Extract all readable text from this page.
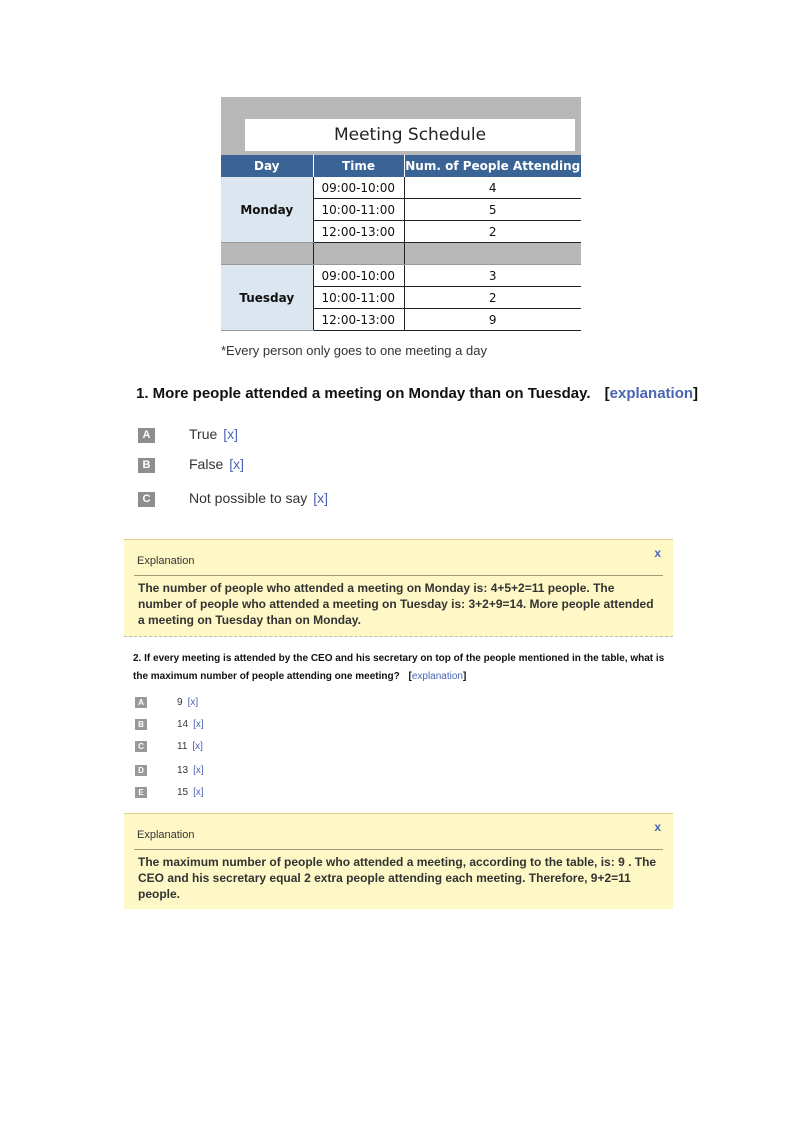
Meeting Schedule
Day	Time	Num. of People Attending
Monday	09:00-10:00	4
	10:00-11:00	5
	12:00-13:00	2

Tuesday	09:00-10:00	3
	10:00-11:00	2
	12:00-13:00	9
*Every person only goes to one meeting a day
1. More people attended a meeting on Monday than on Tuesday. [explanation]
A	True [x]
B	False [x]
C	Not possible to say [x]
Explanation
x
The number of people who attended a meeting on Monday is: 4+5+2=11 people. The number of people who attended a meeting on Tuesday is: 3+2+9=14. More people attended a meeting on Tuesday than on Monday.
2. If every meeting is attended by the CEO and his secretary on top of the people mentioned in the table, what is the maximum number of people attending one meeting? [explanation]
A	9 [x]
B	14 [x]
C	11 [x]
D	13 [x]
E	15 [x]
Explanation
x
The maximum number of people who attended a meeting, according to the table, is: 9 . The CEO and his secretary equal 2 extra people attending each meeting. Therefore, 9+2=11 people.
